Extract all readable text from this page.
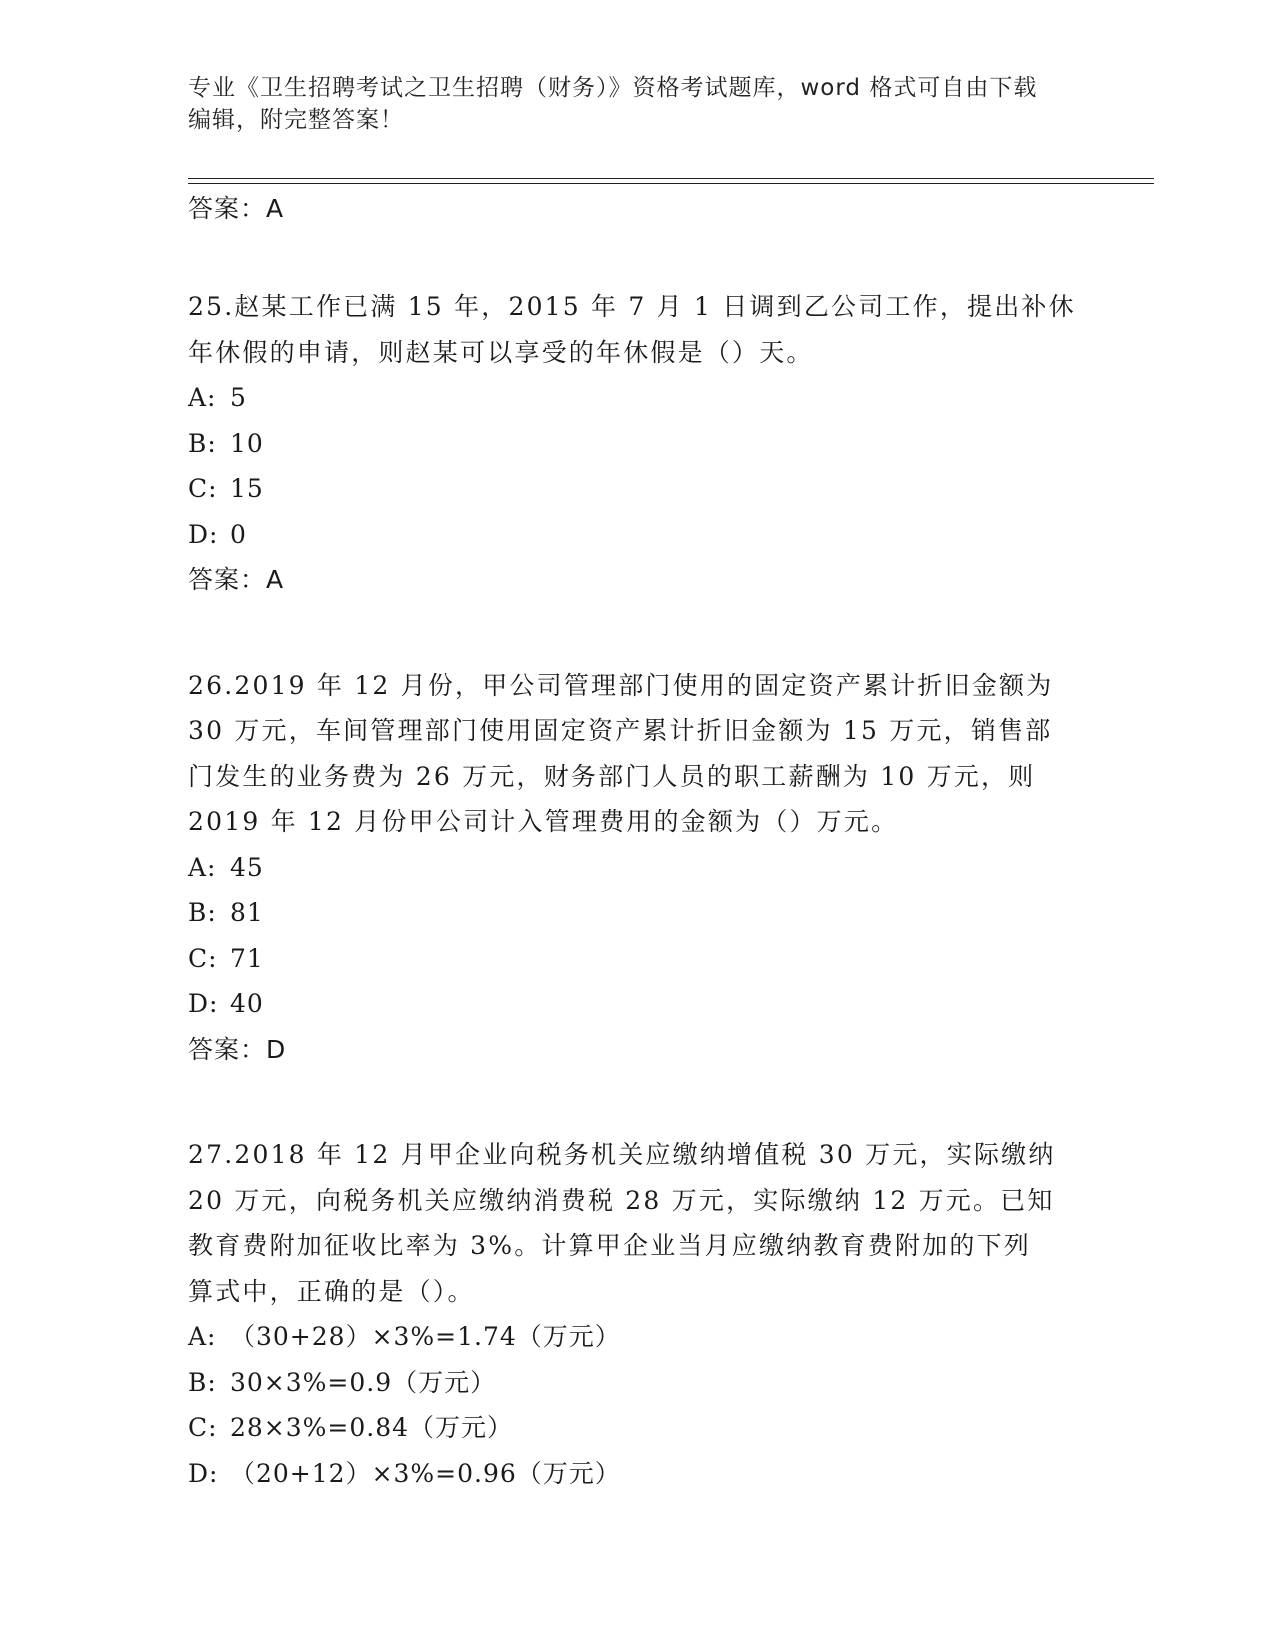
专业《卫生招聘考试之卫生招聘（财务）》资格考试题库，word 格式可自由下载

编辑，附完整答案！

答案：A

25.赵某工作已满 15 年，2015 年 7 月 1 日调到乙公司工作，提出补休

年休假的申请，则赵某可以享受的年休假是（）天。

A: 5

B: 10

C: 15

D: 0

答案：A

26.2019 年 12 月份，甲公司管理部门使用的固定资产累计折旧金额为

30 万元，车间管理部门使用固定资产累计折旧金额为 15 万元，销售部

门发生的业务费为 26 万元，财务部门人员的职工薪酬为 10 万元，则

2019 年 12 月份甲公司计入管理费用的金额为（）万元。

A: 45

B: 81

C: 71

D: 40

答案：D

27.2018 年 12 月甲企业向税务机关应缴纳增值税 30 万元，实际缴纳

20 万元，向税务机关应缴纳消费税 28 万元，实际缴纳 12 万元。已知

教育费附加征收比率为 3%。计算甲企业当月应缴纳教育费附加的下列

算式中，正确的是（）。

A: （30+28）×3%=1.74（万元）

B: 30×3%=0.9（万元）

C: 28×3%=0.84（万元）

D: （20+12）×3%=0.96（万元）
